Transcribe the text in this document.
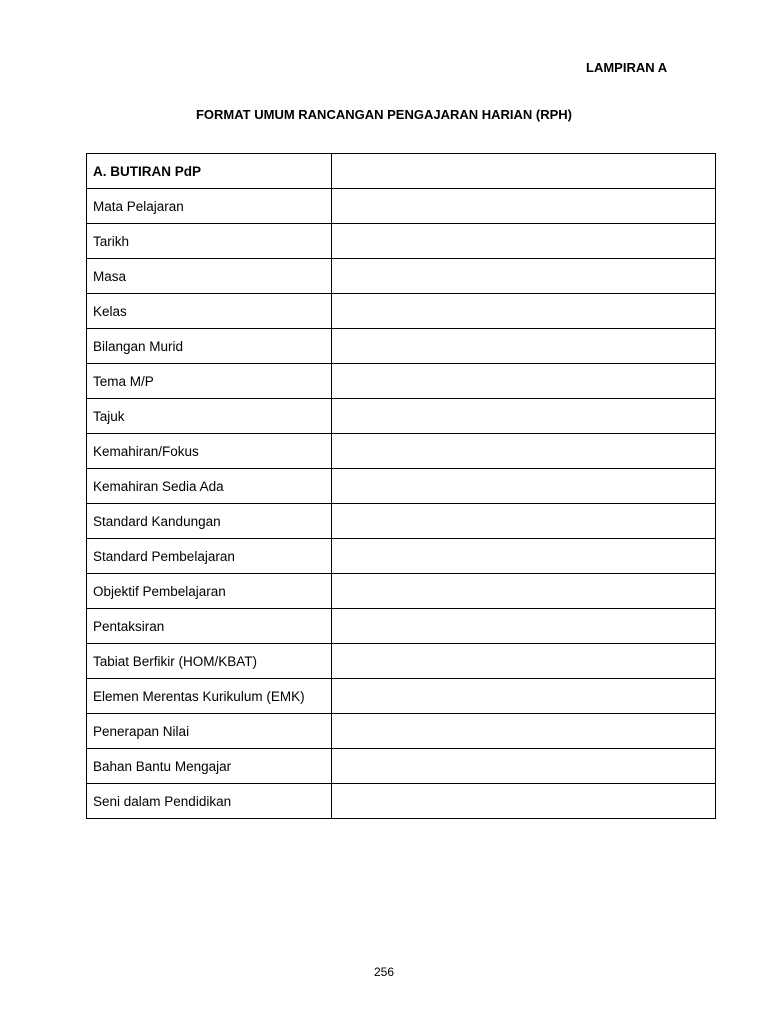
LAMPIRAN A
FORMAT UMUM RANCANGAN PENGAJARAN HARIAN (RPH)
A. BUTIRAN PdP	
Mata Pelajaran	
Tarikh	
Masa	
Kelas	
Bilangan Murid	
Tema M/P	
Tajuk	
Kemahiran/Fokus	
Kemahiran Sedia Ada	
Standard Kandungan	
Standard Pembelajaran	
Objektif Pembelajaran	
Pentaksiran	
Tabiat Berfikir (HOM/KBAT)	
Elemen Merentas Kurikulum (EMK)	
Penerapan Nilai	
Bahan Bantu Mengajar	
Seni dalam Pendidikan	
256
